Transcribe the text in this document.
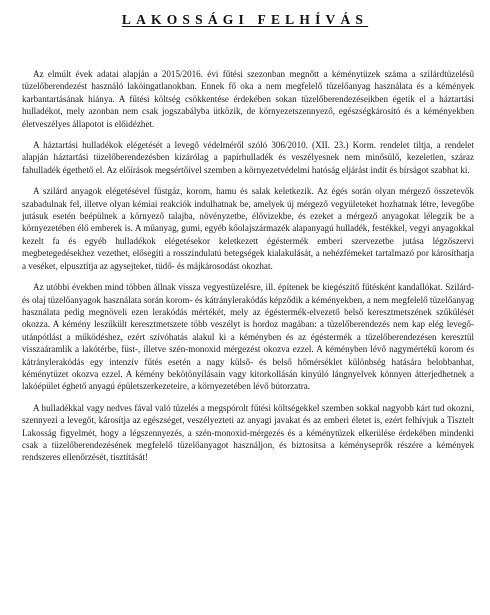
LAKOSSÁGI FELHÍVÁS

Az elmúlt évek adatai alapján a 2015/2016. évi fűtési szezonban megnőtt a kéménytüzek száma a szilárdtüzelésű tüzelőberendezést használó lakóingatlanokban. Ennek fő oka a nem megfelelő tüzelőanyag használata és a kémények karbantartásának hiánya. A fűtési költség csökkentése érdekében sokan tüzelőberendezéseikben égetik el a háztartási hulladékot, mely azonban nem csak jogszabályba ütközik, de környezetszennyező, egészségkárosító és a kéményekben életveszélyes állapotot is előidézhet.

A háztartási hulladékok elégetését a levegő védelméről szóló 306/2010. (XII. 23.) Korm. rendelet tiltja, a rendelet alapján háztartási tüzelőberendezésben kizárólag a papírhulladék és veszélyesnek nem minősülő, kezeletlen, száraz fahulladék égethető el. Az előírások megsértőivel szemben a környezetvédelmi hatóság eljárást indít és bírságot szabhat ki.

A szilárd anyagok elégetésével füstgáz, korom, hamu és salak keletkezik. Az égés során olyan mérgező összetevők szabadulnak fel, illetve olyan kémiai reakciók indulhatnak be, amelyek új mérgező vegyületeket hozhatnak létre, levegőbe jutásuk esetén beépülnek a környező talajba, növényzetbe, élővizekbe, és ezeket a mérgező anyagokat lélegzik be a környezetében élő emberek is. A műanyag, gumi, egyéb kőolajszármazék alapanyagú hulladék, festékkel, vegyi anyagokkal kezelt fa és egyéb hulladékok elégetésekor keletkezett égéstermék emberi szervezetbe jutása légzőszervi megbetegedésekhez vezethet, elősegíti a rosszindulatú betegségek kialakulását, a nehézfémeket tartalmazó por károsíthatja a veséket, elpusztítja az agysejteket, tüdő- és májkárosodást okozhat.

Az utóbbi években mind többen állnak vissza vegyestüzelésre, ill. építenek be kiegészítő fűtésként kandallókat. Szilárd- és olaj tüzelőanyagok használata során korom- és kátránylerakódás képződik a kéményekben, a nem megfelelő tüzelőanyag használata pedig megnöveli ezen lerakódás mértékét, mely az égéstermék-elvezető belső keresztmetszének szűkülését okozza. A kémény leszűkült keresztmetszete több veszélyt is hordoz magában: a tüzelőberendezés nem kap elég levegő-utánpótlást a működéshez, ezért szívóhatás alakul ki a kéményben és az égéstermék a tüzelőberendezésen keresztül visszaáramlik a lakótérbe, füst-, illetve szén-monoxid mérgezést okozva ezzel. A kéményben lévő nagymértékű korom és kátránylerakódás egy intenzív fűtés esetén a nagy külső- és belső hőmérséklet különbség hatására belobbanhat, kéménytüzet okozva ezzel. A kémény bekötönyílásain vagy kitorkollásán kinyúló lángnyelvek könnyen átterjedhetnek a lakóépület éghető anyagú épületszerkezeteire, a környezetében lévő bútorzatra.

A hulladékkal vagy nedves fával való tüzelés a megspórolt fűtési költségekkel szemben sokkal nagyobb kárt tud okozni, szennyezi a levegőt, károsítja az egészséget, veszélyezteti az anyagi javakat és az emberi életet is, ezért felhívjuk a Tisztelt Lakosság figyelmét, hogy a légszennyezés, a szén-monoxid-mérgezés és a kéménytüzek elkerülése érdekében mindenki csak a tüzelőberendezésének megfelelő tüzelőanyagot használjon, és biztosítsa a kéményseprők részére a kémények rendszeres ellenőrzését, tisztítását!
